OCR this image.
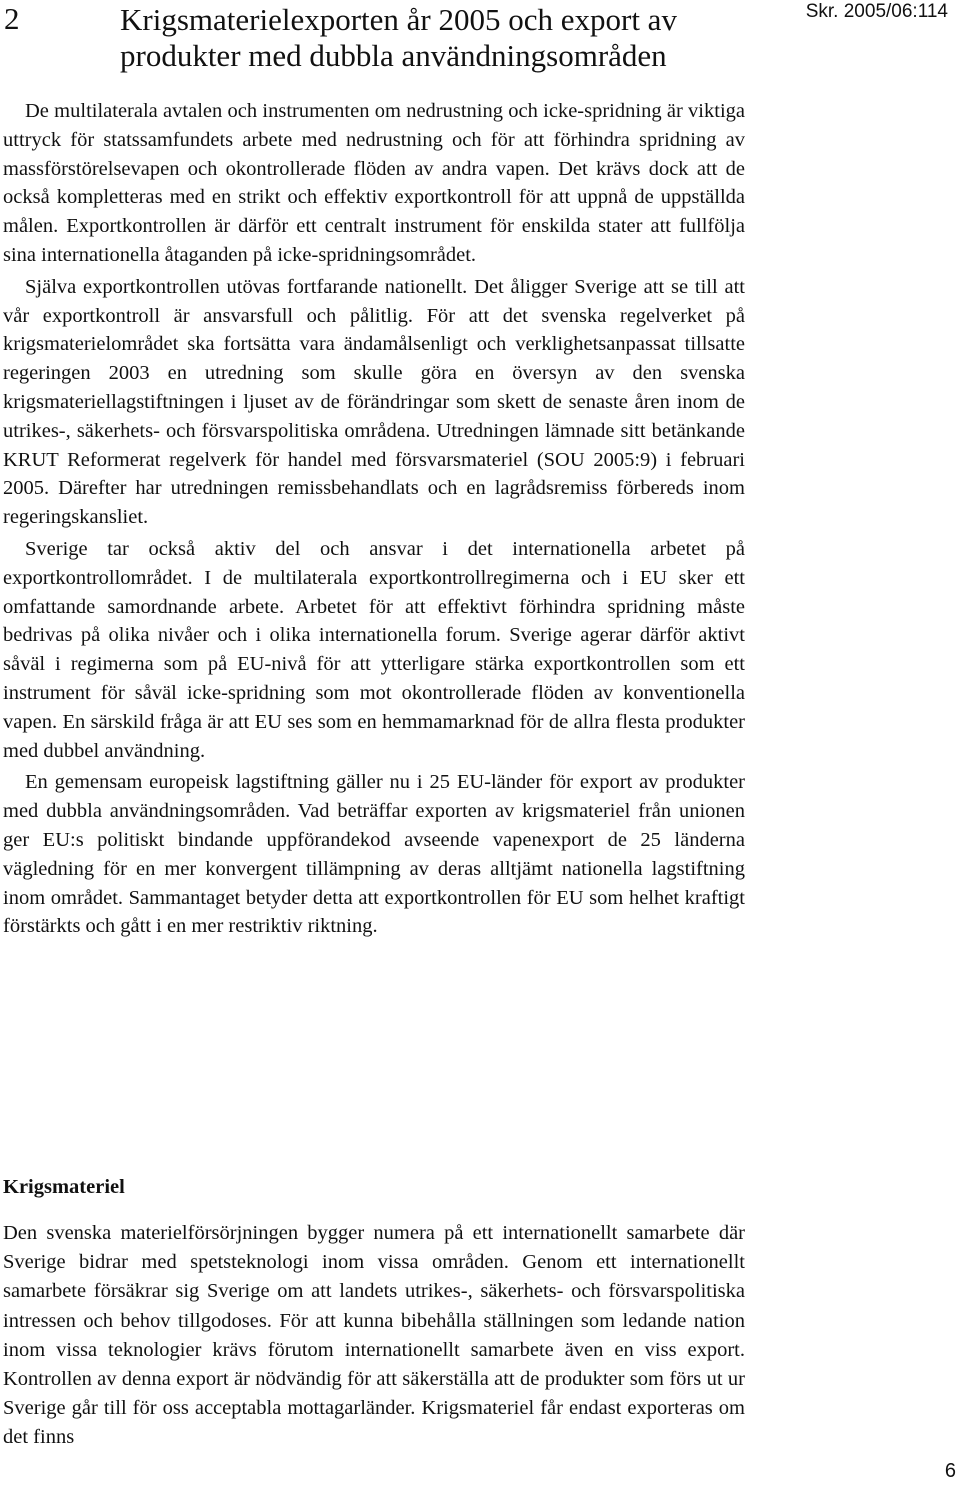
2	Krigsmaterielexporten år 2005 och export av produkter med dubbla användningsområden
Skr. 2005/06:114

De multilaterala avtalen och instrumenten om nedrustning och icke-spridning är viktiga uttryck för statssamfundets arbete med nedrustning och för att förhindra spridning av massförstörelsevapen och okontrollerade flöden av andra vapen. Det krävs dock att de också kompletteras med en strikt och effektiv exportkontroll för att uppnå de uppställda målen. Exportkontrollen är därför ett centralt instrument för enskilda stater att fullfölja sina internationella åtaganden på icke-spridningsområdet.

Själva exportkontrollen utövas fortfarande nationellt. Det åligger Sverige att se till att vår exportkontroll är ansvarsfull och pålitlig. För att det svenska regelverket på krigsmaterielområdet ska fortsätta vara ändamålsenligt och verklighetsanpassat tillsatte regeringen 2003 en utredning som skulle göra en översyn av den svenska krigsmateriellagstiftningen i ljuset av de förändringar som skett de senaste åren inom de utrikes-, säkerhets- och försvarspolitiska områdena. Utredningen lämnade sitt betänkande KRUT Reformerat regelverk för handel med försvarsmateriel (SOU 2005:9) i februari 2005. Därefter har utredningen remissbehandlats och en lagrådsremiss förbereds inom regeringskansliet.

Sverige tar också aktiv del och ansvar i det internationella arbetet på exportkontrollområdet. I de multilaterala exportkontrollregimerna och i EU sker ett omfattande samordnande arbete. Arbetet för att effektivt förhindra spridning måste bedrivas på olika nivåer och i olika internationella forum. Sverige agerar därför aktivt såväl i regimerna som på EU-nivå för att ytterligare stärka exportkontrollen som ett instrument för såväl icke-spridning som mot okontrollerade flöden av konventionella vapen. En särskild fråga är att EU ses som en hemmamarknad för de allra flesta produkter med dubbel användning.

En gemensam europeisk lagstiftning gäller nu i 25 EU-länder för export av produkter med dubbla användningsområden. Vad beträffar exporten av krigsmateriel från unionen ger EU:s politiskt bindande uppförandekod avseende vapenexport de 25 länderna vägledning för en mer konvergent tillämpning av deras alltjämt nationella lagstiftning inom området. Sammantaget betyder detta att exportkontrollen för EU som helhet kraftigt förstärkts och gått i en mer restriktiv riktning.

Krigsmateriel

Den svenska materielförsörjningen bygger numera på ett internationellt samarbete där Sverige bidrar med spetsteknologi inom vissa områden. Genom ett internationellt samarbete försäkrar sig Sverige om att landets utrikes-, säkerhets- och försvarspolitiska intressen och behov tillgodoses. För att kunna bibehålla ställningen som ledande nation inom vissa teknologier krävs förutom internationellt samarbete även en viss export. Kontrollen av denna export är nödvändig för att säkerställa att de produkter som förs ut ur Sverige går till för oss acceptabla mottagarländer. Krigsmateriel får endast exporteras om det finns

6
